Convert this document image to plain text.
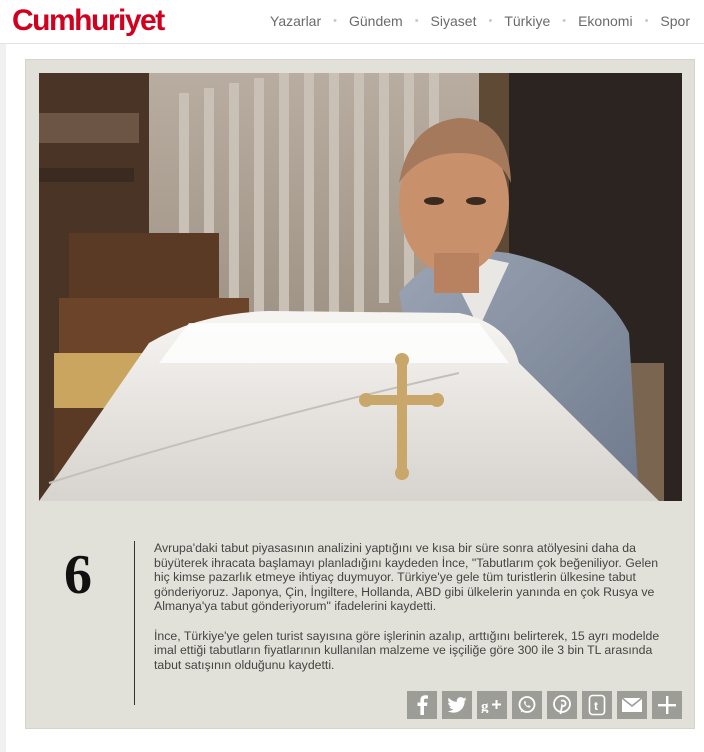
Cumhuriyet	Yazarlar • Gündem • Siyaset • Türkiye • Ekonomi • Spor
6	Avrupa'daki tabut piyasasının analizini yaptığını ve kısa bir süre sonra atölyesini daha da büyüterek ihracata başlamayı planladığını kaydeden İnce, "Tabutlarım çok beğeniliyor. Gelen hiç kimse pazarlık etmeye ihtiyaç duymuyor. Türkiye'ye gele tüm turistlerin ülkesine tabut gönderiyoruz. Japonya, Çin, İngiltere, Hollanda, ABD gibi ülkelerin yanında en çok Rusya ve Almanya'ya tabut gönderiyorum" ifadelerini kaydetti.

İnce, Türkiye'ye gelen turist sayısına göre işlerinin azalıp, arttığını belirterek, 15 ayrı modelde imal ettiği tabutların fiyatlarının kullanılan malzeme ve işçiliğe göre 300 ile 3 bin TL arasında tabut satışının olduğunu kaydetti.

g	t
